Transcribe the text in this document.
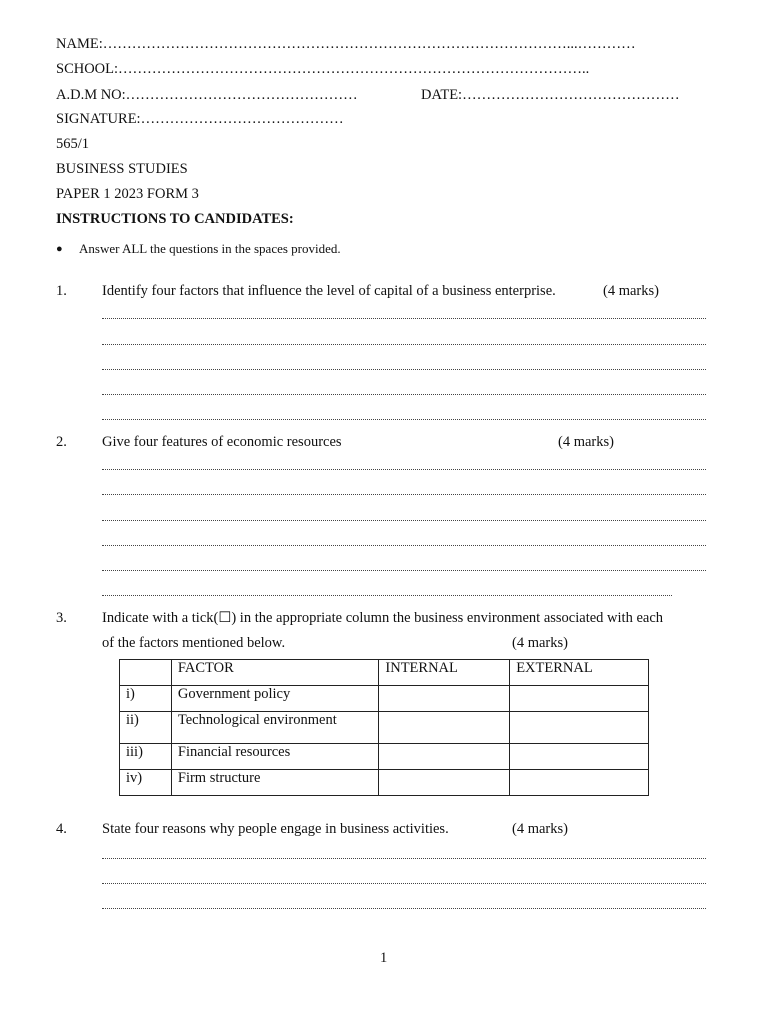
NAME:……………………………………………………………………………………...…………
SCHOOL:……………………………………………………………………………………..
A.D.M NO:…………………………………………	DATE:………………………………………
SIGNATURE:……………………………………
565/1
BUSINESS STUDIES
PAPER 1 2023 FORM 3
INSTRUCTIONS TO CANDIDATES:
● Answer ALL the questions in the spaces provided.
1. Identify four factors that influence the level of capital of a business enterprise.	(4 marks)
2. Give four features of economic resources	(4 marks)
3. Indicate with a tick(☐) in the appropriate column the business environment associated with each
of the factors mentioned below.	(4 marks)
	FACTOR	INTERNAL	EXTERNAL
i)	Government policy		
ii)	Technological environment		
iii)	Financial resources		
iv)	Firm structure		
4. State four reasons why people engage in business activities.	(4 marks)
1
